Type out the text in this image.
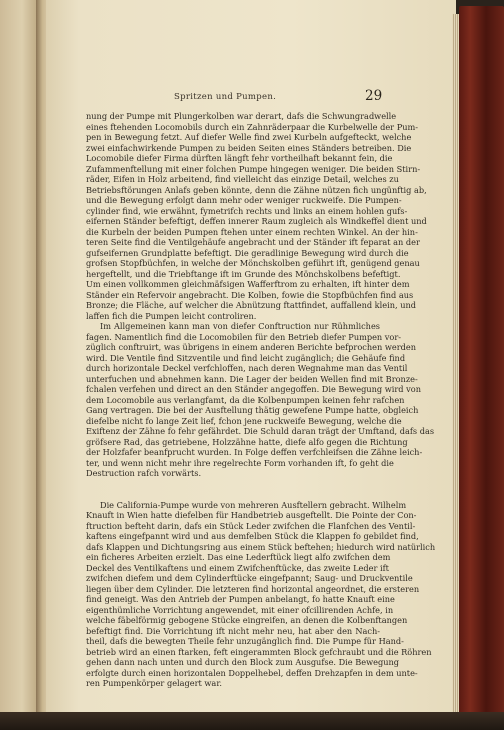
Spritzen und Pumpen.	29
nung der Pumpe mit Plungerkolben war derart, dafs die Schwungradwelle
eines ftehenden Locomobils durch ein Zahnräderpaar die Kurbelwelle der Pum-
pen in Bewegung fetzt. Auf diefer Welle find zwei Kurbeln aufgefteckt, welche
zwei einfachwirkende Pumpen zu beiden Seiten eines Ständers betreiben. Die
Locomobile diefer Firma dürften längft fehr vortheilhaft bekannt fein, die
Zufammenftellung mit einer folchen Pumpe hingegen weniger. Die beiden Stirn-
räder, Eifen in Holz arbeitend, find vielleicht das einzige Detail, welches zu
Betriebsftörungen Anlafs geben könnte, denn die Zähne nützen fich ungünftig ab,
und die Bewegung erfolgt dann mehr oder weniger ruckweife. Die Pumpen-
cylinder find, wie erwähnt, fymetrifch rechts und links an einem hohlen gufs-
eifernen Ständer befeftigt, deffen innerer Raum zugleich als Windkeffel dient und
die Kurbeln der beiden Pumpen ftehen unter einem rechten Winkel. An der hin-
teren Seite find die Ventilgehäufe angebracht und der Ständer ift feparat an der
gufseifernen Grundplatte befeftigt. Die geradlinige Bewegung wird durch die
grofsen Stopfbüchfen, in welche der Mönchskolben geführt ift, genügend genau
hergeftellt, und die Triebftange ift im Grunde des Mönchskolbens befeftigt.
Um einen vollkommen gleichmäfsigen Wafferftrom zu erhalten, ift hinter dem
Ständer ein Refervoir angebracht. Die Kolben, fowie die Stopfbüchfen find aus
Bronze; die Fläche, auf welcher die Abnützung ftattfindet, auffallend klein, und
laffen fich die Pumpen leicht controliren.
Im Allgemeinen kann man von diefer Conftruction nur Rühmliches
fagen. Namentlich find die Locomobilen für den Betrieb diefer Pumpen vor-
züglich conftruirt, was übrigens in einem anderen Berichte befprochen werden
wird. Die Ventile find Sitzventile und find leicht zugänglich; die Gehäufe find
durch horizontale Deckel verfchloffen, nach deren Wegnahme man das Ventil
unterfuchen und abnehmen kann. Die Lager der beiden Wellen find mit Bronze-
fchalen verfehen und direct an den Ständer angegoffen. Die Bewegung wird von
dem Locomobile aus verlangfamt, da die Kolbenpumpen keinen fehr rafchen
Gang vertragen. Die bei der Ausftellung thätig gewefene Pumpe hatte, obgleich
diefelbe nicht fo lange Zeit lief, fchon jene ruckweife Bewegung, welche die
Exiftenz der Zähne fo fehr gefährdet. Die Schuld daran trägt der Umftand, dafs das
gröfsere Rad, das getriebene, Holzzähne hatte, diefe alfo gegen die Richtung
der Holzfafer beanfprucht wurden. In Folge deffen verfchleifsen die Zähne leich-
ter, und wenn nicht mehr ihre regelrechte Form vorhanden ift, fo geht die
Destruction rafch vorwärts.
Die California-Pumpe wurde von mehreren Ausftellern gebracht. Wilhelm
Knauft in Wien hatte diefelben für Handbetrieb ausgeftellt. Die Pointe der Con-
ftruction befteht darin, dafs ein Stück Leder zwifchen die Flanfchen des Ventil-
kaftens eingefpannt wird und aus demfelben Stück die Klappen fo gebildet find,
dafs Klappen und Dichtungsring aus einem Stück beftehen; hiedurch wird natürlich
ein ficheres Arbeiten erzielt. Das eine Lederftück liegt alfo zwifchen dem
Deckel des Ventilkaftens und einem Zwifchenftücke, das zweite Leder ift
zwifchen diefem und dem Cylinderftücke eingefpannt; Saug- und Druckventile
liegen über dem Cylinder. Die letzteren find horizontal angeordnet, die ersteren
find geneigt. Was den Antrieb der Pumpen anbelangt, fo hatte Knauft eine
eigenthümliche Vorrichtung angewendet, mit einer ofcillirenden Achfe, in
welche fäbelförmig gebogene Stücke eingreifen, an denen die Kolbenftangen
befeftigt find. Die Vorrichtung ift nicht mehr neu, hat aber den Nach-
theil, dafs die bewegten Theile fehr unzugänglich find. Die Pumpe für Hand-
betrieb wird an einen ftarken, feft eingerammten Block gefchraubt und die Röhren
gehen dann nach unten und durch den Block zum Ausgufse. Die Bewegung
erfolgte durch einen horizontalen Doppelhebel, deffen Drehzapfen in dem unte-
ren Pumpenkörper gelagert war.
